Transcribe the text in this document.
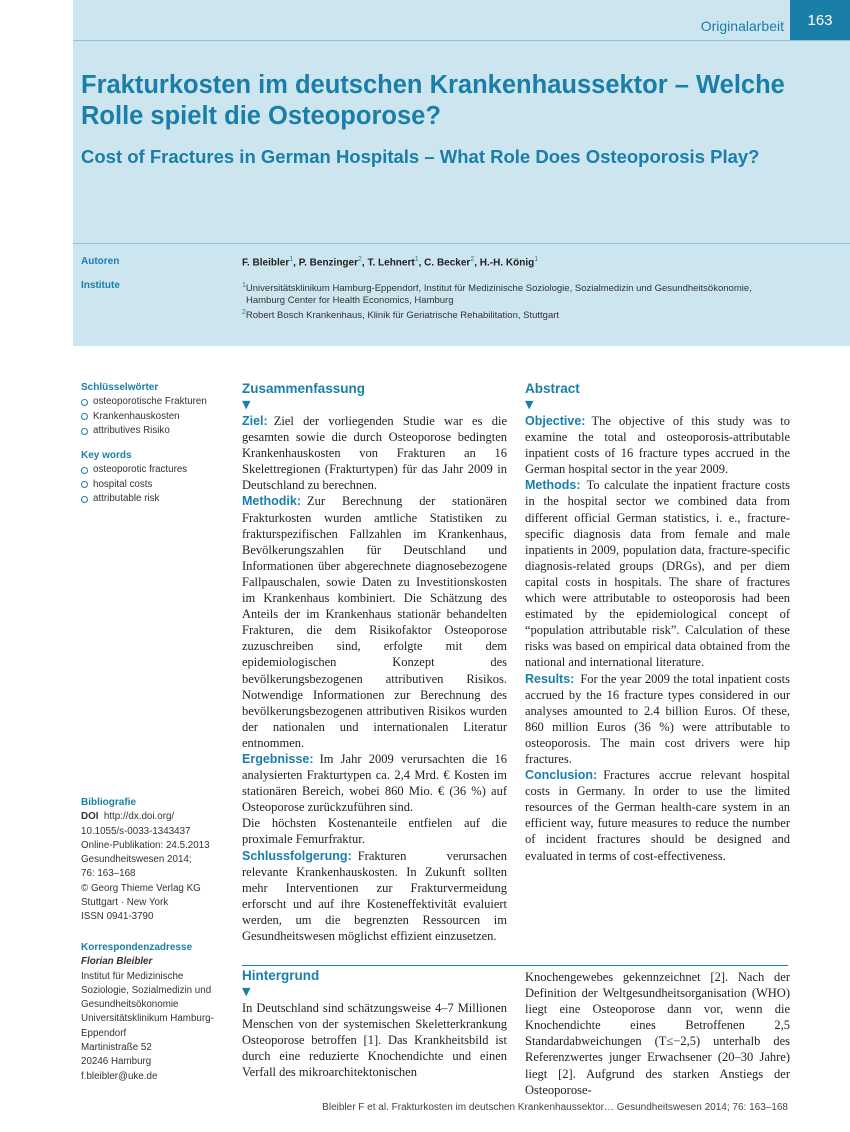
Originalarbeit	163
Frakturkosten im deutschen Krankenhaussektor – Welche Rolle spielt die Osteoporose?
Cost of Fractures in German Hospitals – What Role Does Osteoporosis Play?
Autoren	F. Bleibler$^1$, P. Benzinger$^2$, T. Lehnert$^1$, C. Becker$^2$, H.-H. König$^1$
Institute	$^1$Universitätsklinikum Hamburg-Eppendorf, Institut für Medizinische Soziologie, Sozialmedizin und Gesundheitsökonomie,
Hamburg Center for Health Economics, Hamburg
$^2$Robert Bosch Krankenhaus, Klinik für Geriatrische Rehabilitation, Stuttgart
Schlüsselwörter
osteoporotische Frakturen
Krankenhauskosten
attributives Risiko
Key words
osteoporotic fractures
hospital costs
attributable risk
Bibliografie
DOI http://dx.doi.org/
10.1055/s-0033-1343437
Online-Publikation: 24.5.2013
Gesundheitswesen 2014;
76: 163–168
© Georg Thieme Verlag KG
Stuttgart · New York
ISSN 0941-3790
Korrespondenzadresse
Florian Bleibler
Institut für Medizinische
Soziologie, Sozialmedizin und
Gesundheitsökonomie
Universitätsklinikum Hamburg-
Eppendorf
Martinistraße 52
20246 Hamburg
f.bleibler@uke.de
Zusammenfassung
▼

Ziel: Ziel der vorliegenden Studie war es die gesamten sowie die durch Osteoporose bedingten Krankenhauskosten von Frakturen an 16 Skelettregionen (Frakturtypen) für das Jahr 2009 in Deutschland zu berechnen.

Methodik: Zur Berechnung der stationären Frakturkosten wurden amtliche Statistiken zu frakturspezifischen Fallzahlen im Krankenhaus, Bevölkerungszahlen für Deutschland und Informationen über abgerechnete diagnosebezogene Fallpauschalen, sowie Daten zu Investitionskosten im Krankenhaus kombiniert. Die Schätzung des Anteils der im Krankenhaus stationär behandelten Frakturen, die dem Risikofaktor Osteoporose zuzuschreiben sind, erfolgte mit dem epidemiologischen Konzept des bevölkerungsbezogenen attributiven Risikos. Notwendige Informationen zur Berechnung des bevölkerungsbezogenen attributiven Risikos wurden der nationalen und internationalen Literatur entnommen.

Ergebnisse: Im Jahr 2009 verursachten die 16 analysierten Frakturtypen ca. 2,4 Mrd. € Kosten im stationären Bereich, wobei 860 Mio. € (36 %) auf Osteoporose zurückzuführen sind.

Die höchsten Kostenanteile entfielen auf die proximale Femurfraktur.

Schlussfolgerung: Frakturen verursachen relevante Krankenhauskosten. In Zukunft sollten mehr Interventionen zur Frakturvermeidung erforscht und auf ihre Kosteneffektivität evaluiert werden, um die begrenzten Ressourcen im Gesundheitswesen möglichst effizient einzusetzen.

Abstract
▼

Objective: The objective of this study was to examine the total and osteoporosis-attributable inpatient costs of 16 fracture types accrued in the German hospital sector in the year 2009.

Methods: To calculate the inpatient fracture costs in the hospital sector we combined data from different official German statistics, i. e., fracture-specific diagnosis data from female and male inpatients in 2009, population data, fracture-specific diagnosis-related groups (DRGs), and per diem capital costs in hospitals. The share of fractures which were attributable to osteoporosis had been estimated by the epidemiological concept of “population attributable risk”. Calculation of these risks was based on empirical data obtained from the national and international literature.

Results: For the year 2009 the total inpatient costs accrued by the 16 fracture types considered in our analyses amounted to 2.4 billion Euros. Of these, 860 million Euros (36 %) were attributable to osteoporosis. The main cost drivers were hip fractures.

Conclusion: Fractures accrue relevant hospital costs in Germany. In order to use the limited resources of the German health-care system in an efficient way, future measures to reduce the number of incident fractures should be designed and evaluated in terms of cost-effectiveness.

Hintergrund
▼

In Deutschland sind schätzungsweise 4–7 Millionen Menschen von der systemischen Skeletterkrankung Osteoporose betroffen [1]. Das Krankheitsbild ist durch eine reduzierte Knochendichte und einen Verfall des mikroarchitektonischen

Knochengewebes gekennzeichnet [2]. Nach der Definition der Weltgesundheitsorganisation (WHO) liegt eine Osteoporose dann vor, wenn die Knochendichte eines Betroffenen 2,5 Standardabweichungen (T≤−2,5) unterhalb des Referenzwertes junger Erwachsener (20–30 Jahre) liegt [2]. Aufgrund des starken Anstiegs der Osteoporose-

Bleibler F et al. Frakturkosten im deutschen Krankenhaussektor… Gesundheitswesen 2014; 76: 163–168
